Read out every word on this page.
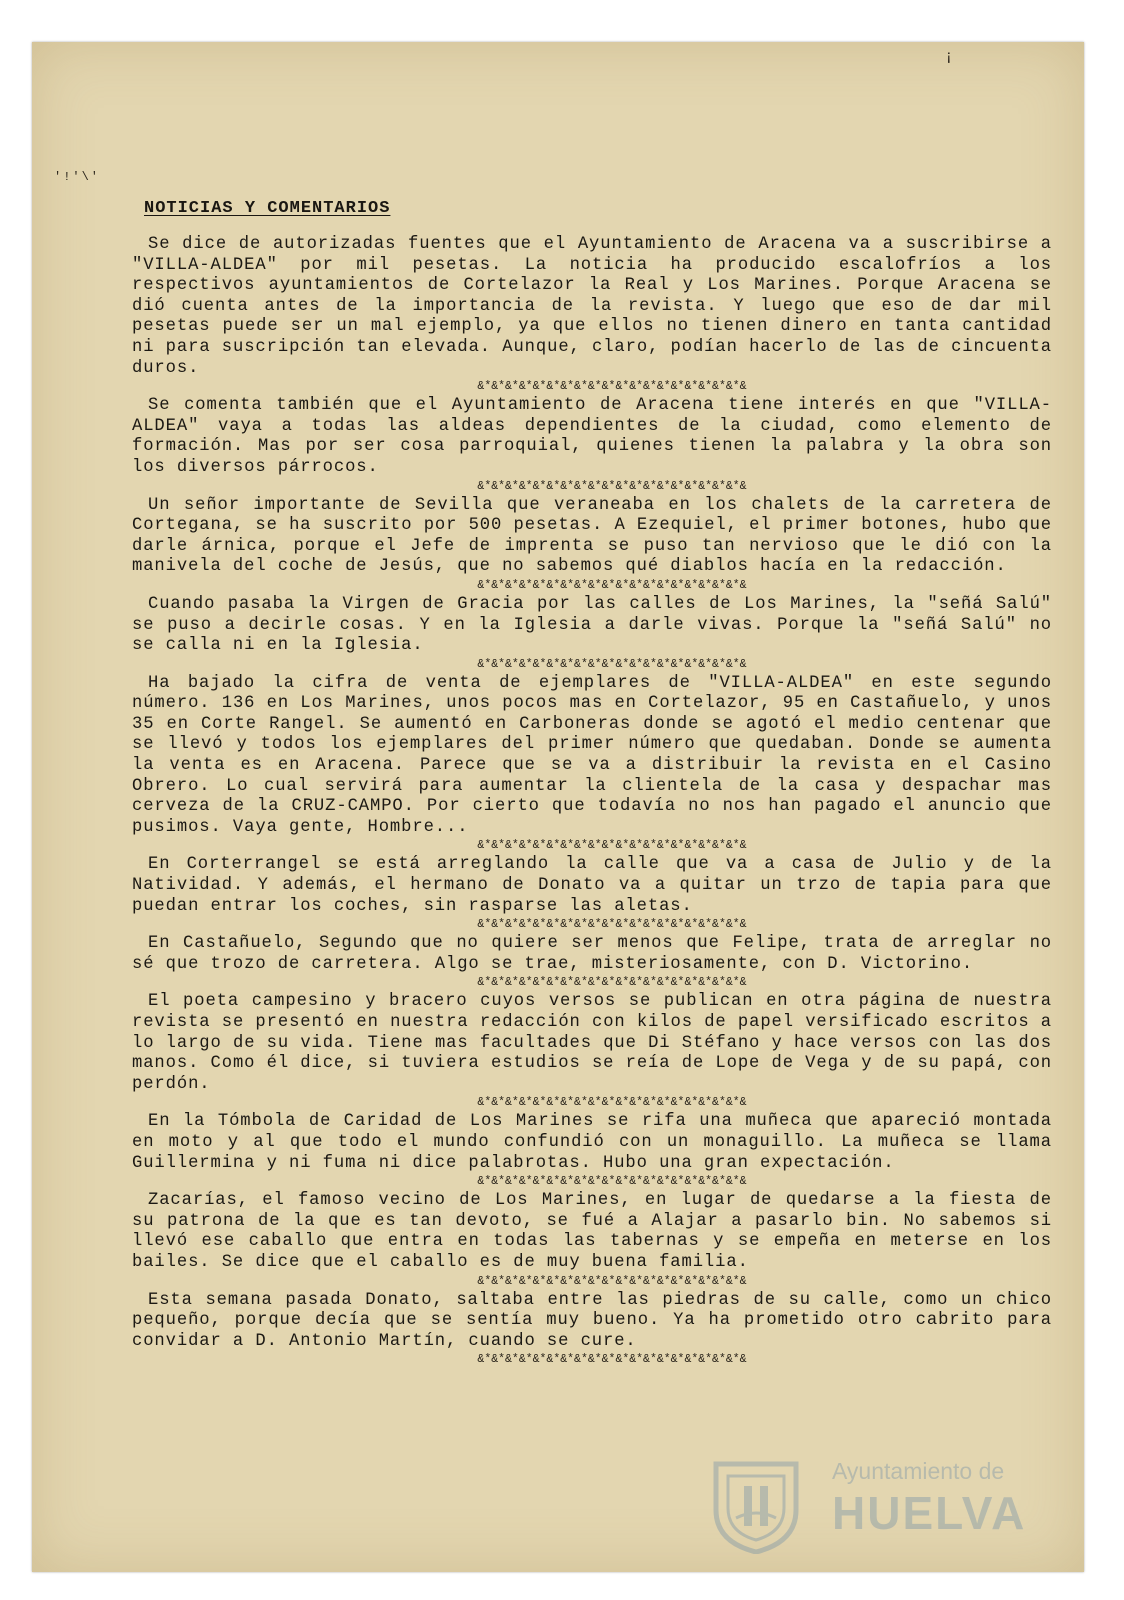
¡
'!'\'
NOTICIAS Y COMENTARIOS

Se dice de autorizadas fuentes que el Ayuntamiento de Aracena va a suscribirse a "VILLA-ALDEA" por mil pesetas. La noticia ha producido escalofríos a los respectivos ayuntamientos de Cortelazor la Real y Los Marines. Porque Aracena se dió cuenta antes de la importancia de la revista. Y luego que eso de dar mil pesetas puede ser un mal ejemplo, ya que ellos no tienen dinero en tanta cantidad ni para suscripción tan elevada. Aunque, claro, podían hacerlo de las de cincuenta duros.

&*&*&*&*&*&*&*&*&*&*&*&*&*&*&*&*&*&*&*&

Se comenta también que el Ayuntamiento de Aracena tiene interés en que "VILLA-ALDEA" vaya a todas las aldeas dependientes de la ciudad, como elemento de formación. Mas por ser cosa parroquial, quienes tienen la palabra y la obra son los diversos párrocos.

&*&*&*&*&*&*&*&*&*&*&*&*&*&*&*&*&*&*&*&

Un señor importante de Sevilla que veraneaba en los chalets de la carretera de Cortegana, se ha suscrito por 500 pesetas. A Ezequiel, el primer botones, hubo que darle árnica, porque el Jefe de imprenta se puso tan nervioso que le dió con la manivela del coche de Jesús, que no sabemos qué diablos hacía en la redacción.

&*&*&*&*&*&*&*&*&*&*&*&*&*&*&*&*&*&*&*&

Cuando pasaba la Virgen de Gracia por las calles de Los Marines, la "señá Salú" se puso a decirle cosas. Y en la Iglesia a darle vivas. Porque la "señá Salú" no se calla ni en la Iglesia.

&*&*&*&*&*&*&*&*&*&*&*&*&*&*&*&*&*&*&*&

Ha bajado la cifra de venta de ejemplares de "VILLA-ALDEA" en este segundo número. 136 en Los Marines, unos pocos mas en Cortelazor, 95 en Castañuelo, y unos 35 en Corte Rangel. Se aumentó en Carboneras donde se agotó el medio centenar que se llevó y todos los ejemplares del primer número que quedaban. Donde se aumenta la venta es en Aracena. Parece que se va a distribuir la revista en el Casino Obrero. Lo cual servirá para aumentar la clientela de la casa y despachar mas cerveza de la CRUZ-CAMPO. Por cierto que todavía no nos han pagado el anuncio que pusimos. Vaya gente, Hombre...

&*&*&*&*&*&*&*&*&*&*&*&*&*&*&*&*&*&*&*&

En Corterrangel se está arreglando la calle que va a casa de Julio y de la Natividad. Y además, el hermano de Donato va a quitar un trzo de tapia para que puedan entrar los coches, sin rasparse las aletas.

&*&*&*&*&*&*&*&*&*&*&*&*&*&*&*&*&*&*&*&

En Castañuelo, Segundo que no quiere ser menos que Felipe, trata de arreglar no sé que trozo de carretera. Algo se trae, misteriosamente, con D. Victorino.

&*&*&*&*&*&*&*&*&*&*&*&*&*&*&*&*&*&*&*&

El poeta campesino y bracero cuyos versos se publican en otra página de nuestra revista se presentó en nuestra redacción con kilos de papel versificado escritos a lo largo de su vida. Tiene mas facultades que Di Stéfano y hace versos con las dos manos. Como él dice, si tuviera estudios se reía de Lope de Vega y de su papá, con perdón.

&*&*&*&*&*&*&*&*&*&*&*&*&*&*&*&*&*&*&*&

En la Tómbola de Caridad de Los Marines se rifa una muñeca que apareció montada en moto y al que todo el mundo confundió con un monaguillo. La muñeca se llama Guillermina y ni fuma ni dice palabrotas. Hubo una gran expectación.

&*&*&*&*&*&*&*&*&*&*&*&*&*&*&*&*&*&*&*&

Zacarías, el famoso vecino de Los Marines, en lugar de quedarse a la fiesta de su patrona de la que es tan devoto, se fué a Alajar a pasarlo bin. No sabemos si llevó ese caballo que entra en todas las tabernas y se empeña en meterse en los bailes. Se dice que el caballo es de muy buena familia.

&*&*&*&*&*&*&*&*&*&*&*&*&*&*&*&*&*&*&*&

Esta semana pasada Donato, saltaba entre las piedras de su calle, como un chico pequeño, porque decía que se sentía muy bueno. Ya ha prometido otro cabrito para convidar a D. Antonio Martín, cuando se cure.

&*&*&*&*&*&*&*&*&*&*&*&*&*&*&*&*&*&*&*&
Ayuntamiento de
HUELVA
